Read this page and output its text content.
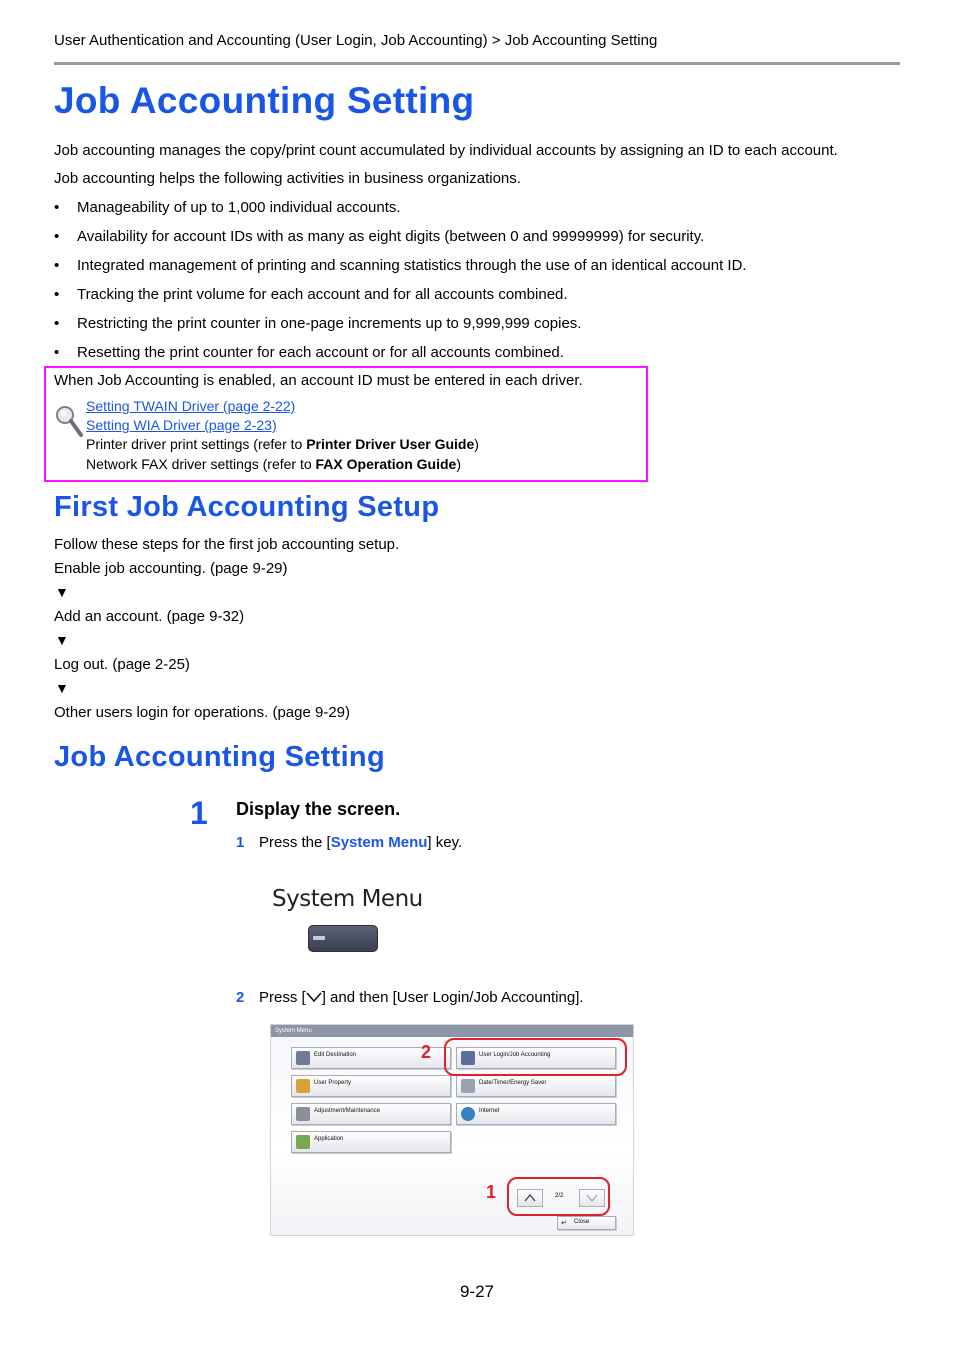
User Authentication and Accounting (User Login, Job Accounting) > Job Accounting Setting
Job Accounting Setting
Job accounting manages the copy/print count accumulated by individual accounts by assigning an ID to each account.
Job accounting helps the following activities in business organizations.
• Manageability of up to 1,000 individual accounts.
• Availability for account IDs with as many as eight digits (between 0 and 99999999) for security.
• Integrated management of printing and scanning statistics through the use of an identical account ID.
• Tracking the print volume for each account and for all accounts combined.
• Restricting the print counter in one-page increments up to 9,999,999 copies.
• Resetting the print counter for each account or for all accounts combined.
When Job Accounting is enabled, an account ID must be entered in each driver.
Setting TWAIN Driver (page 2-22)
Setting WIA Driver (page 2-23)
Printer driver print settings (refer to Printer Driver User Guide)
Network FAX driver settings (refer to FAX Operation Guide)
First Job Accounting Setup
Follow these steps for the first job accounting setup.
Enable job accounting. (page 9-29)
▼
Add an account. (page 9-32)
▼
Log out. (page 2-25)
▼
Other users login for operations. (page 9-29)
Job Accounting Setting
1 Display the screen.
1 Press the [System Menu] key.
System Menu
2 Press [ ] and then [User Login/Job Accounting].
System Menu
Edit Destination
User Property
Adjustment/Maintenance
Application
User Login/Job Accounting
Date/Timer/Energy Saver
Internet
2
2/2
1
↵ Close
9-27
